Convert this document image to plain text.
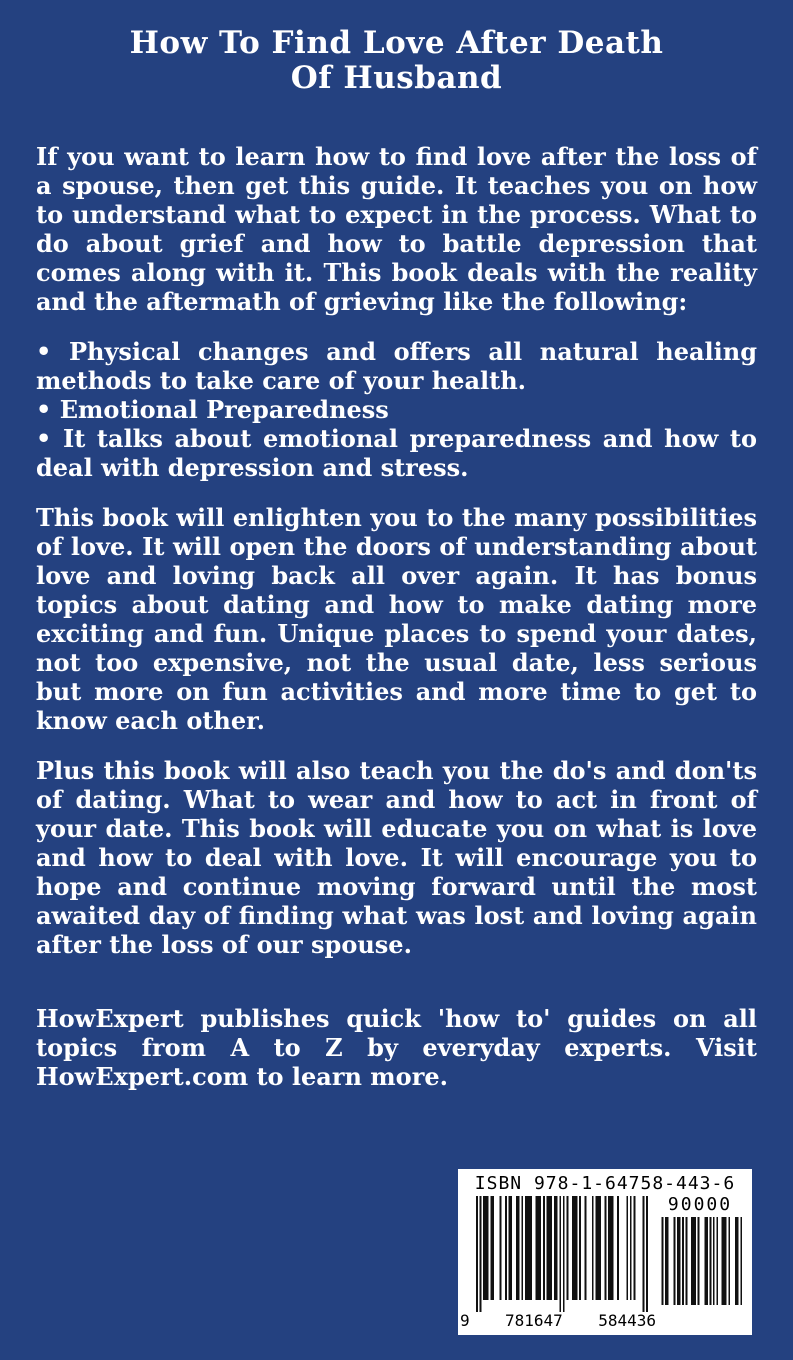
How To Find Love After Death
Of Husband

If you want to learn how to find love after the loss of a spouse, then get this guide. It teaches you on how to understand what to expect in the process. What to do about grief and how to battle depression that comes along with it. This book deals with the reality and the aftermath of grieving like the following:

• Physical changes and offers all natural healing methods to take care of your health.

• Emotional Preparedness

• It talks about emotional preparedness and how to deal with depression and stress.

This book will enlighten you to the many possibilities of love. It will open the doors of understanding about love and loving back all over again. It has bonus topics about dating and how to make dating more exciting and fun. Unique places to spend your dates, not too expensive, not the usual date, less serious but more on fun activities and more time to get to know each other.

Plus this book will also teach you the do's and don'ts of dating. What to wear and how to act in front of your date. This book will educate you on what is love and how to deal with love. It will encourage you to hope and continue moving forward until the most awaited day of finding what was lost and loving again after the loss of our spouse.

HowExpert publishes quick 'how to' guides on all topics from A to Z by everyday experts. Visit HowExpert.com to learn more.

ISBN 978-1-64758-443-6
9 781647 584436
90000
